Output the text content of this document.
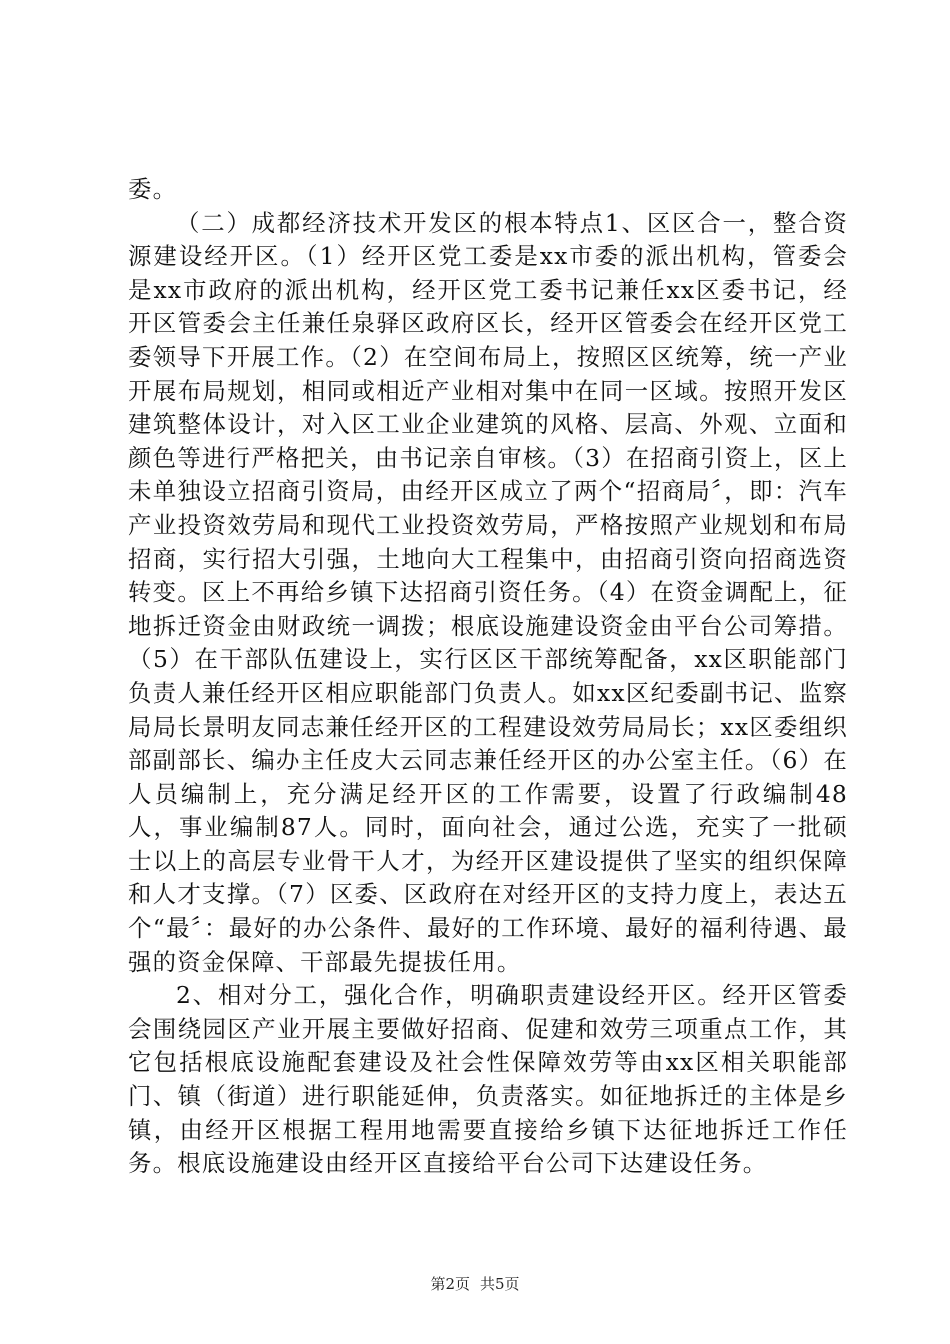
委。

（二）成都经济技术开发区的根本特点1、区区合一，整合资源建设经开区。（1）经开区党工委是xx市委的派出机构，管委会是xx市政府的派出机构，经开区党工委书记兼任xx区委书记，经开区管委会主任兼任泉驿区政府区长，经开区管委会在经开区党工委领导下开展工作。（2）在空间布局上，按照区区统筹，统一产业开展布局规划，相同或相近产业相对集中在同一区域。按照开发区建筑整体设计，对入区工业企业建筑的风格、层高、外观、立面和颜色等进行严格把关，由书记亲自审核。（3）在招商引资上，区上未单独设立招商引资局，由经开区成立了两个“招商局〞，即：汽车产业投资效劳局和现代工业投资效劳局，严格按照产业规划和布局招商，实行招大引强，土地向大工程集中，由招商引资向招商选资转变。区上不再给乡镇下达招商引资任务。（4）在资金调配上，征地拆迁资金由财政统一调拨；根底设施建设资金由平台公司筹措。（5）在干部队伍建设上，实行区区干部统筹配备，xx区职能部门负责人兼任经开区相应职能部门负责人。如xx区纪委副书记、监察局局长景明友同志兼任经开区的工程建设效劳局局长；xx区委组织部副部长、编办主任皮大云同志兼任经开区的办公室主任。（6）在人员编制上，充分满足经开区的工作需要，设置了行政编制48人，事业编制87人。同时，面向社会，通过公选，充实了一批硕士以上的高层专业骨干人才，为经开区建设提供了坚实的组织保障和人才支撑。（7）区委、区政府在对经开区的支持力度上，表达五个“最〞：最好的办公条件、最好的工作环境、最好的福利待遇、最强的资金保障、干部最先提拔任用。

2、相对分工，强化合作，明确职责建设经开区。经开区管委会围绕园区产业开展主要做好招商、促建和效劳三项重点工作，其它包括根底设施配套建设及社会性保障效劳等由xx区相关职能部门、镇（街道）进行职能延伸，负责落实。如征地拆迁的主体是乡镇，由经开区根据工程用地需要直接给乡镇下达征地拆迁工作任务。根底设施建设由经开区直接给平台公司下达建设任务。

第2页 共5页
